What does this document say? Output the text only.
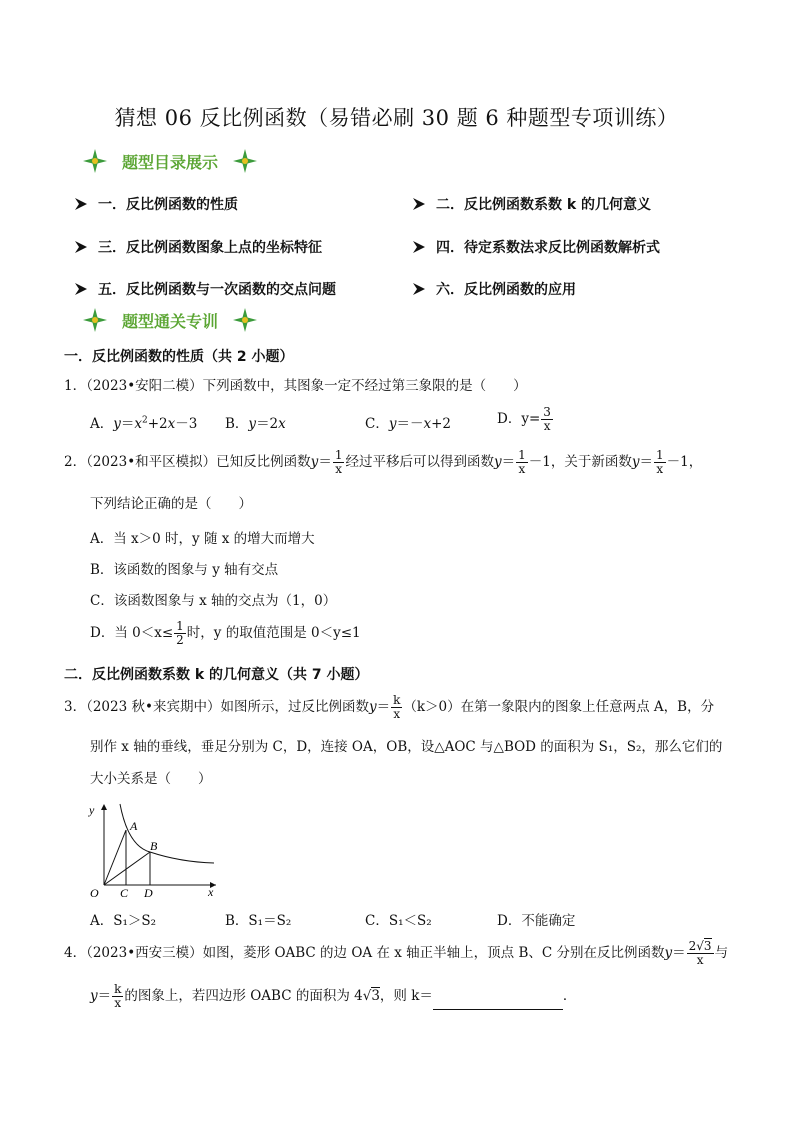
猜想 06 反比例函数（易错必刷 30 题 6 种题型专项训练）
题型目录展示
一．反比例函数的性质	二．反比例函数系数 k 的几何意义
三．反比例函数图象上点的坐标特征	四．待定系数法求反比例函数解析式
五．反比例函数与一次函数的交点问题	六．反比例函数的应用
题型通关专训
一．反比例函数的性质（共 2 小题）
1．（2023•安阳二模）下列函数中，其图象一定不经过第三象限的是（　　）
A．$y=x^2+2x-3$ B．y＝2x	C．y＝－x+2	D．$y= \frac{3}{x}$
2．（2023•和平区模拟）已知反比例函数$y= \frac{1}{x}$ 经过平移后可以得到函数$y= \frac{1}{x} -1$，关于新函数$y= \frac{1}{x} -1$，
下列结论正确的是（　　）
A．当 x＞0 时，y 随 x 的增大而增大
B．该函数的图象与 y 轴有交点
C．该函数图象与 x 轴的交点为（1，0）
D．当 $0<x\le \frac{1}{2}$ 时，y 的取值范围是 0＜y≤1
二．反比例函数系数 k 的几何意义（共 7 小题）
3．（2023 秋•来宾期中）如图所示，过反比例函数$y= \frac{k}{x} (k>0)$在第一象限内的图象上任意两点 A，B，分
别作 x 轴的垂线，垂足分别为 C，D，连接 OA，OB，设△AOC 与△BOD 的面积为 S₁，S₂，那么它们的
大小关系是（　　）
y
x
O
A
B
C D
A．S₁＞S₂	B．S₁＝S₂	C．S₁＜S₂	D．不能确定
4．（2023•西安三模）如图，菱形 OABC 的边 OA 在 x 轴正半轴上，顶点 B、C 分别在反比例函数$y= \frac{2√3}{x}$ 与
$y= \frac{k}{x}$ 的图象上，若四边形 OABC 的面积为 4√3，则 k＝	．
